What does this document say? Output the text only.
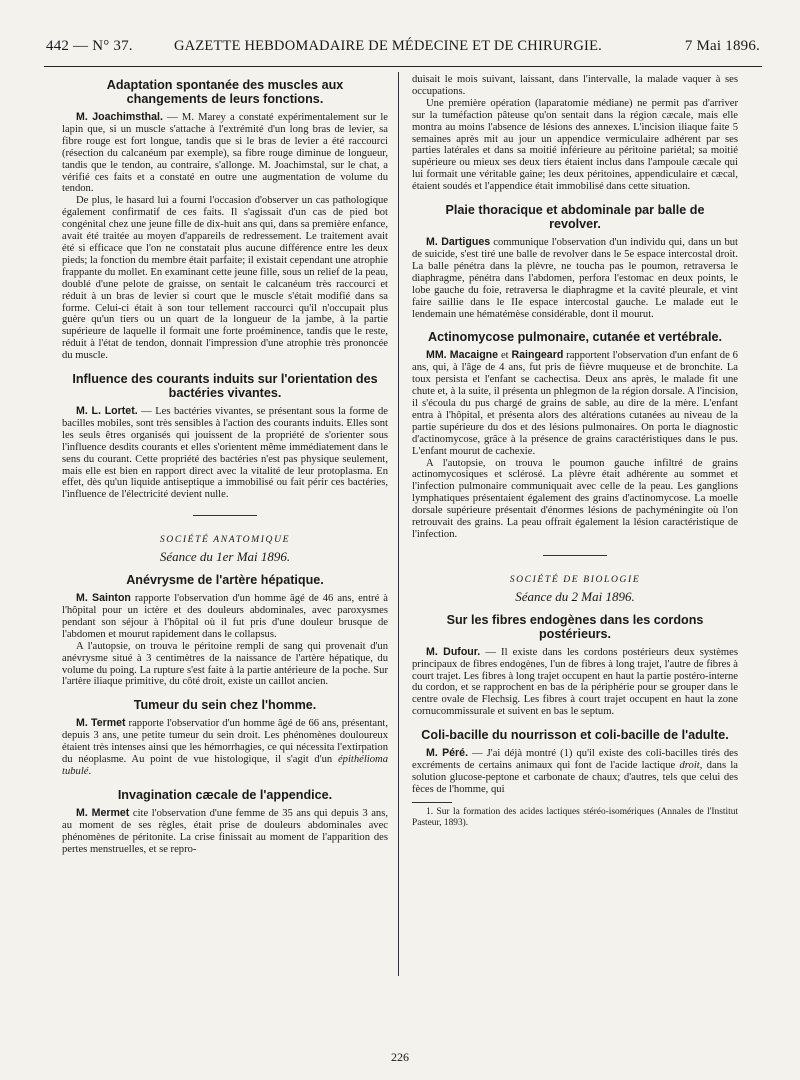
442 — N° 37.	GAZETTE HEBDOMADAIRE DE MÉDECINE ET DE CHIRURGIE.	7 Mai 1896.
Adaptation spontanée des muscles aux changements de leurs fonctions.

M. Joachimsthal. — M. Marey a constaté expérimentalement sur le lapin que, si un muscle s'attache à l'extrémité d'un long bras de levier, sa fibre rouge est fort longue, tandis que si le bras de levier a été raccourci (résection du calcanéum par exemple), sa fibre rouge diminue de longueur, tandis que le tendon, au contraire, s'allonge. M. Joachimstal, sur le chat, a vérifié ces faits et a constaté en outre une augmentation de volume du tendon.

De plus, le hasard lui a fourni l'occasion d'observer un cas pathologique également confirmatif de ces faits. Il s'agissait d'un cas de pied bot congénital chez une jeune fille de dix-huit ans qui, dans sa première enfance, avait été traitée au moyen d'appareils de redressement. Le traitement avait été si efficace que l'on ne constatait plus aucune différence entre les deux pieds; la fonction du membre était parfaite; il existait cependant une atrophie frappante du mollet. En examinant cette jeune fille, sous un relief de la peau, doublé d'une pelote de graisse, on sentait le calcanéum très raccourci et réduit à un bras de levier si court que le muscle s'était modifié dans sa forme. Celui-ci était à son tour tellement raccourci qu'il n'occupait plus guère qu'un tiers ou un quart de la longueur de la jambe, à la partie supérieure de laquelle il formait une forte proéminence, tandis que le reste, réduit à l'état de tendon, donnait l'impression d'une atrophie très prononcée du muscle.

Influence des courants induits sur l'orientation des bactéries vivantes.

M. L. Lortet. — Les bactéries vivantes, se présentant sous la forme de bacilles mobiles, sont très sensibles à l'action des courants induits. Elles sont les seuls êtres organisés qui jouissent de la propriété de s'orienter sous l'influence desdits courants et elles s'orientent même immédiatement dans le sens du courant. Cette propriété des bactéries n'est pas physique seulement, mais elle est bien en rapport direct avec la vitalité de leur protoplasma. En effet, dès qu'un liquide antiseptique a immobilisé ou fait périr ces bactéries, l'influence de l'électricité devient nulle.

SOCIÉTÉ ANATOMIQUE
Séance du 1er Mai 1896.
Anévrysme de l'artère hépatique.

M. Sainton rapporte l'observation d'un homme âgé de 46 ans, entré à l'hôpital pour un ictère et des douleurs abdominales, avec paroxysmes pendant son séjour à l'hôpital où il fut pris d'une douleur brusque de l'abdomen et mourut rapidement dans le collapsus.

A l'autopsie, on trouva le péritoine rempli de sang qui provenait d'un anévrysme situé à 3 centimètres de la naissance de l'artère hépatique, du volume du poing. La rupture s'est faite à la partie antérieure de la poche. Sur l'artère iliaque primitive, du côté droit, existe un caillot ancien.

Tumeur du sein chez l'homme.

M. Termet rapporte l'observatior d'un homme âgé de 66 ans, présentant, depuis 3 ans, une petite tumeur du sein droit. Les phénomènes douloureux étaient très intenses ainsi que les hémorrhagies, ce qui nécessita l'extirpation du néoplasme. Au point de vue histologique, il s'agit d'un épithélioma tubulé.

Invagination cæcale de l'appendice.

M. Mermet cite l'observation d'une femme de 35 ans qui depuis 3 ans, au moment de ses règles, était prise de douleurs abdominales avec phénomènes de péritonite. La crise finissait au moment de l'apparition des pertes menstruelles, et se repro-

duisait le mois suivant, laissant, dans l'intervalle, la malade vaquer à ses occupations.

Une première opération (laparatomie médiane) ne permit pas d'arriver sur la tuméfaction pâteuse qu'on sentait dans la région cæcale, mais elle montra au moins l'absence de lésions des annexes. L'incision iliaque faite 5 semaines après mit au jour un appendice vermiculaire adhérent par ses parties latérales et dans sa moitié inférieure au péritoine pariétal; sa moitié supérieure ou mieux ses deux tiers étaient inclus dans l'ampoule cæcale qui lui formait une véritable gaine; les deux péritoines, appendiculaire et cæcal, étaient soudés et l'appendice était immobilisé dans cette situation.

Plaie thoracique et abdominale par balle de revolver.

M. Dartigues communique l'observation d'un individu qui, dans un but de suicide, s'est tiré une balle de revolver dans le 5e espace intercostal droit. La balle pénétra dans la plèvre, ne toucha pas le poumon, retraversa le diaphragme, pénétra dans l'abdomen, perfora l'estomac en deux points, le lobe gauche du foie, retraversa le diaphragme et la cavité pleurale, et vint faire saillie dans le IIe espace intercostal gauche. Le malade eut le lendemain une hématémèse considérable, dont il mourut.

Actinomycose pulmonaire, cutanée et vertébrale.

MM. Macaigne et Raingeard rapportent l'observation d'un enfant de 6 ans, qui, à l'âge de 4 ans, fut pris de fièvre muqueuse et de bronchite. La toux persista et l'enfant se cachectisa. Deux ans après, le malade fit une chute et, à la suite, il présenta un phlegmon de la région dorsale. A l'incision, il s'écoula du pus chargé de grains de sable, au dire de la mère. L'enfant entra à l'hôpital, et présenta alors des altérations cutanées au niveau de la partie supérieure du dos et des lésions pulmonaires. On porta le diagnostic d'actinomycose, grâce à la présence de grains caractéristiques dans le pus. L'enfant mourut de cachexie.

A l'autopsie, on trouva le poumon gauche infiltré de grains actinomycosiques et sclérosé. La plèvre était adhérente au sommet et l'infection pulmonaire communiquait avec celle de la peau. Les ganglions lymphatiques présentaient également des grains d'actinomycose. La moelle dorsale supérieure présentait d'énormes lésions de pachyméningite où l'on retrouvait des grains. La peau offrait également la lésion caractéristique de l'infection.

SOCIÉTÉ DE BIOLOGIE
Séance du 2 Mai 1896.
Sur les fibres endogènes dans les cordons postérieurs.

M. Dufour. — Il existe dans les cordons postérieurs deux systèmes principaux de fibres endogènes, l'un de fibres à long trajet, l'autre de fibres à court trajet. Les fibres à long trajet occupent en haut la partie postéro-interne du cordon, et se rapprochent en bas de la périphérie pour se grouper dans le centre ovale de Flechsig. Les fibres à court trajet occupent en haut la zone cornucommissurale et suivent en bas le septum.

Coli-bacille du nourrisson et coli-bacille de l'adulte.

M. Péré. — J'ai déjà montré (1) qu'il existe des coli-bacilles tirés des excréments de certains animaux qui font de l'acide lactique droit, dans la solution glucose-peptone et carbonate de chaux; d'autres, tels que celui des fèces de l'homme, qui

1. Sur la formation des acides lactiques stéréo-isomériques (Annales de l'Institut Pasteur, 1893).

226
